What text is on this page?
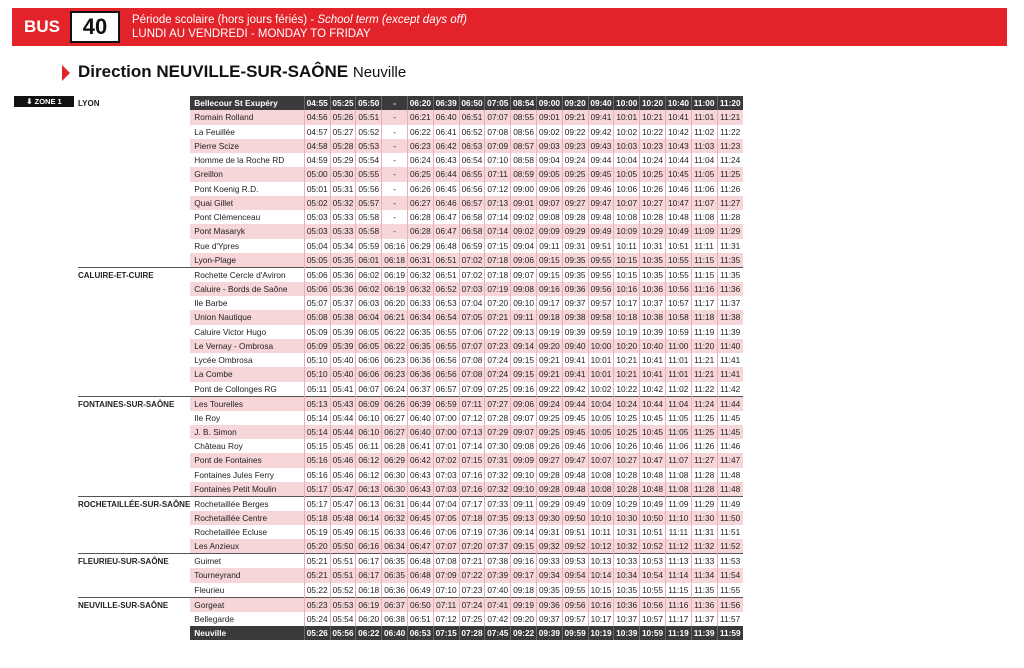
BUS	40	Période scolaire (hors jours fériés) - School term (except days off)
LUNDI AU VENDREDI - MONDAY TO FRIDAY
Direction NEUVILLE-SUR-SAÔNE Neuville
⬇ ZONE 1	LYON	Bellecour St Exupéry	04:55	05:25	05:50	-	06:20	06:39	06:50	07:05	08:54	09:00	09:20	09:40	10:00	10:20	10:40	11:00	11:20
	Romain Rolland	04:56	05:26	05:51	-	06:21	06:40	06:51	07:07	08:55	09:01	09:21	09:41	10:01	10:21	10:41	11:01	11:21
	La Feuillée	04:57	05:27	05:52	-	06:22	06:41	06:52	07:08	08:56	09:02	09:22	09:42	10:02	10:22	10:42	11:02	11:22
	Pierre Scize	04:58	05:28	05:53	-	06:23	06:42	06:53	07:09	08:57	09:03	09:23	09:43	10:03	10:23	10:43	11:03	11:23
	Homme de la Roche RD	04:59	05:29	05:54	-	06:24	06:43	06:54	07:10	08:58	09:04	09:24	09:44	10:04	10:24	10:44	11:04	11:24
	Greillon	05:00	05:30	05:55	-	06:25	06:44	06:55	07:11	08:59	09:05	09:25	09:45	10:05	10:25	10:45	11:05	11:25
	Pont Koenig R.D.	05:01	05:31	05:56	-	06:26	06:45	06:56	07:12	09:00	09:06	09:26	09:46	10:06	10:26	10:46	11:06	11:26
	Quai Gillet	05:02	05:32	05:57	-	06:27	06:46	06:57	07:13	09:01	09:07	09:27	09:47	10:07	10:27	10:47	11:07	11:27
	Pont Clémenceau	05:03	05:33	05:58	-	06:28	06:47	06:58	07:14	09:02	09:08	09:28	09:48	10:08	10:28	10:48	11:08	11:28
	Pont Masaryk	05:03	05:33	05:58	-	06:28	06:47	06:58	07:14	09:02	09:09	09:29	09:49	10:09	10:29	10:49	11:09	11:29
	Rue d'Ypres	05:04	05:34	05:59	06:16	06:29	06:48	06:59	07:15	09:04	09:11	09:31	09:51	10:11	10:31	10:51	11:11	11:31
	Lyon-Plage	05:05	05:35	06:01	06:18	06:31	06:51	07:02	07:18	09:06	09:15	09:35	09:55	10:15	10:35	10:55	11:15	11:35
CALUIRE-ET-CUIRE	Rochette Cercle d'Aviron	05:06	05:36	06:02	06:19	06:32	06:51	07:02	07:18	09:07	09:15	09:35	09:55	10:15	10:35	10:55	11:15	11:35
	Caluire - Bords de Saône	05:06	05:36	06:02	06:19	06:32	06:52	07:03	07:19	09:08	09:16	09:36	09:56	10:16	10:36	10:56	11:16	11:36
	Ile Barbe	05:07	05:37	06:03	06:20	06:33	06:53	07:04	07:20	09:10	09:17	09:37	09:57	10:17	10:37	10:57	11:17	11:37
	Union Nautique	05:08	05:38	06:04	06:21	06:34	06:54	07:05	07:21	09:11	09:18	09:38	09:58	10:18	10:38	10:58	11:18	11:38
	Caluire Victor Hugo	05:09	05:39	06:05	06:22	06:35	06:55	07:06	07:22	09:13	09:19	09:39	09:59	10:19	10:39	10:59	11:19	11:39
	Le Vernay - Ombrosa	05:09	05:39	06:05	06:22	06:35	06:55	07:07	07:23	09:14	09:20	09:40	10:00	10:20	10:40	11:00	11:20	11:40
	Lycée Ombrosa	05:10	05:40	06:06	06:23	06:36	06:56	07:08	07:24	09:15	09:21	09:41	10:01	10:21	10:41	11:01	11:21	11:41
	La Combe	05:10	05:40	06:06	06:23	06:36	06:56	07:08	07:24	09:15	09:21	09:41	10:01	10:21	10:41	11:01	11:21	11:41
	Pont de Collonges RG	05:11	05:41	06:07	06:24	06:37	06:57	07:09	07:25	09:16	09:22	09:42	10:02	10:22	10:42	11:02	11:22	11:42
FONTAINES-SUR-SAÔNE	Les Tourelles	05:13	05:43	06:09	06:26	06:39	06:59	07:11	07:27	09:06	09:24	09:44	10:04	10:24	10:44	11:04	11:24	11:44
	Ile Roy	05:14	05:44	06:10	06:27	06:40	07:00	07:12	07:28	09:07	09:25	09:45	10:05	10:25	10:45	11:05	11:25	11:45
	J. B. Simon	05:14	05:44	06:10	06:27	06:40	07:00	07:13	07:29	09:07	09:25	09:45	10:05	10:25	10:45	11:05	11:25	11:45
	Château Roy	05:15	05:45	06:11	06:28	06:41	07:01	07:14	07:30	09:08	09:26	09:46	10:06	10:26	10:46	11:06	11:26	11:46
	Pont de Fontaines	05:16	05:46	06:12	06:29	06:42	07:02	07:15	07:31	09:09	09:27	09:47	10:07	10:27	10:47	11:07	11:27	11:47
	Fontaines Jules Ferry	05:16	05:46	06:12	06:30	06:43	07:03	07:16	07:32	09:10	09:28	09:48	10:08	10:28	10:48	11:08	11:28	11:48
	Fontaines Petit Moulin	05:17	05:47	06:13	06:30	06:43	07:03	07:16	07:32	09:10	09:28	09:48	10:08	10:28	10:48	11:08	11:28	11:48
ROCHETAILLÉE-SUR-SAÔNE	Rochetaillée Berges	05:17	05:47	06:13	06:31	06:44	07:04	07:17	07:33	09:11	09:29	09:49	10:09	10:29	10:49	11:09	11:29	11:49
	Rochetaillée Centre	05:18	05:48	06:14	06:32	06:45	07:05	07:18	07:35	09:13	09:30	09:50	10:10	10:30	10:50	11:10	11:30	11:50
	Rochetaillée Ecluse	05:19	05:49	06:15	06:33	06:46	07:06	07:19	07:36	09:14	09:31	09:51	10:11	10:31	10:51	11:11	11:31	11:51
	Les Anzieux	05:20	05:50	06:16	06:34	06:47	07:07	07:20	07:37	09:15	09:32	09:52	10:12	10:32	10:52	11:12	11:32	11:52
FLEURIEU-SUR-SAÔNE	Guimet	05:21	05:51	06:17	06:35	06:48	07:08	07:21	07:38	09:16	09:33	09:53	10:13	10:33	10:53	11:13	11:33	11:53
	Tourneyrand	05:21	05:51	06:17	06:35	06:48	07:09	07:22	07:39	09:17	09:34	09:54	10:14	10:34	10:54	11:14	11:34	11:54
	Fleurieu	05:22	05:52	06:18	06:36	06:49	07:10	07:23	07:40	09:18	09:35	09:55	10:15	10:35	10:55	11:15	11:35	11:55
NEUVILLE-SUR-SAÔNE	Gorgeat	05:23	05:53	06:19	06:37	06:50	07:11	07:24	07:41	09:19	09:36	09:56	10:16	10:36	10:56	11:16	11:36	11:56
	Bellegarde	05:24	05:54	06:20	06:38	06:51	07:12	07:25	07:42	09:20	09:37	09:57	10:17	10:37	10:57	11:17	11:37	11:57
	Neuville	05:26	05:56	06:22	06:40	06:53	07:15	07:28	07:45	09:22	09:39	09:59	10:19	10:39	10:59	11:19	11:39	11:59
